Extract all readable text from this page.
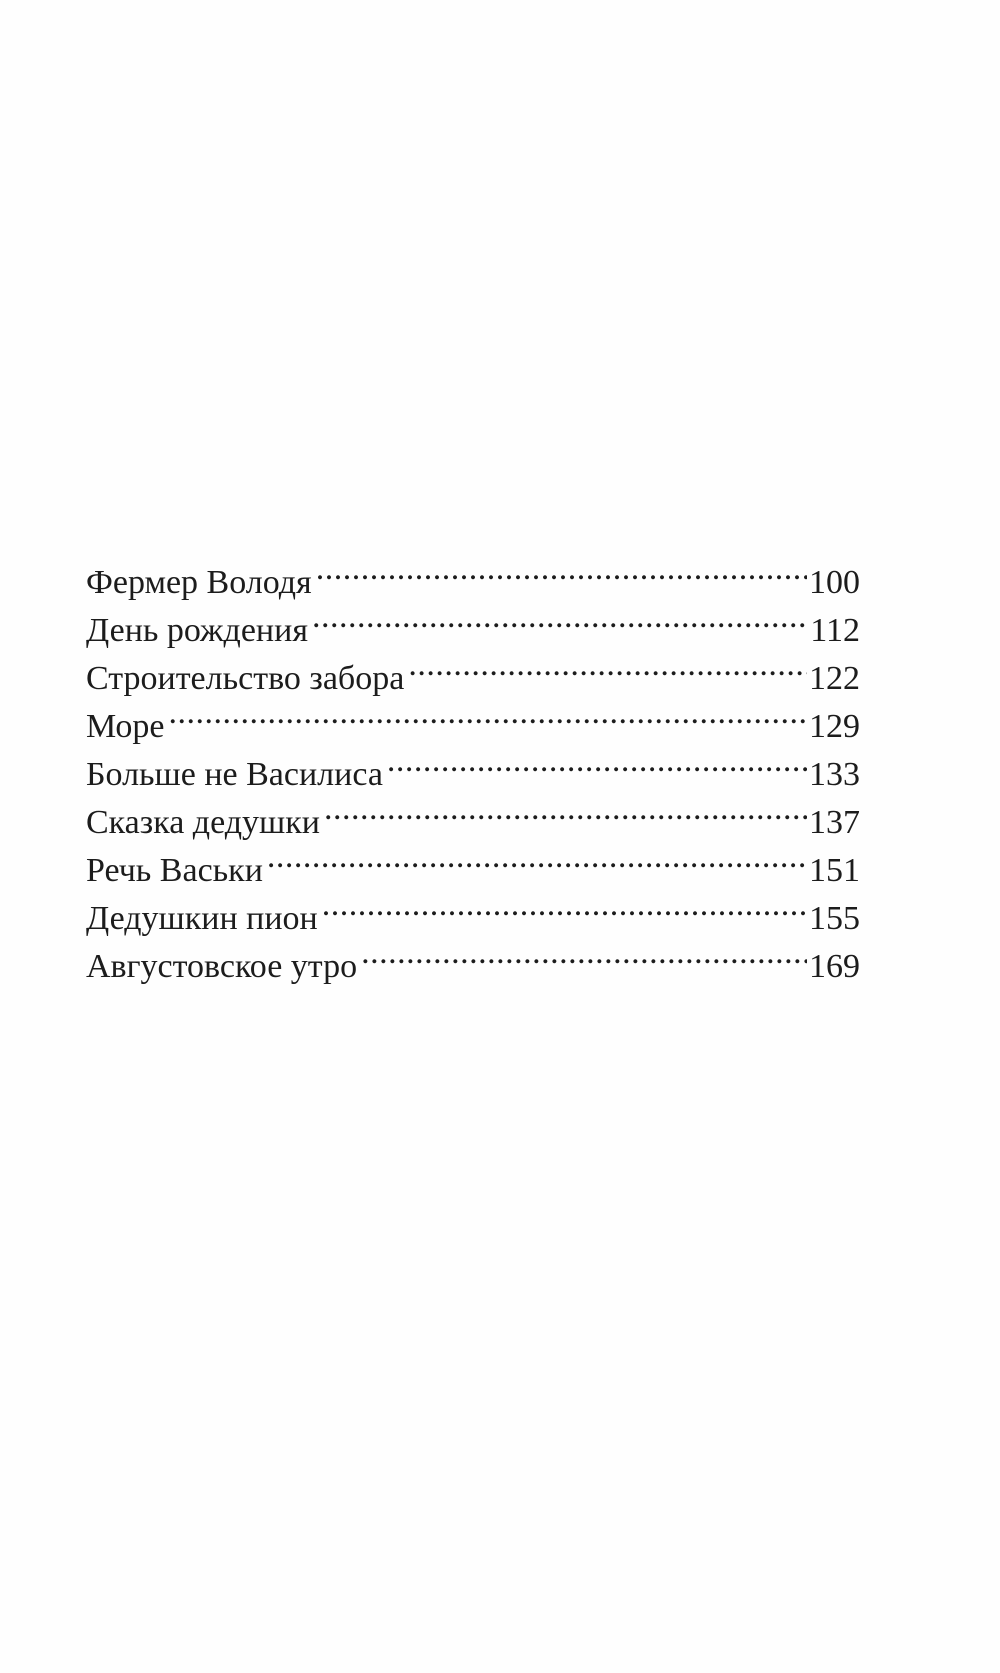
Фермер Володя .....	100
День рождения .....	112
Строительство забора .....	122
Море .....	129
Больше не Василиса .....	133
Сказка дедушки .....	137
Речь Васьки .....	151
Дедушкин пион .....	155
Августовское утро .....	169
